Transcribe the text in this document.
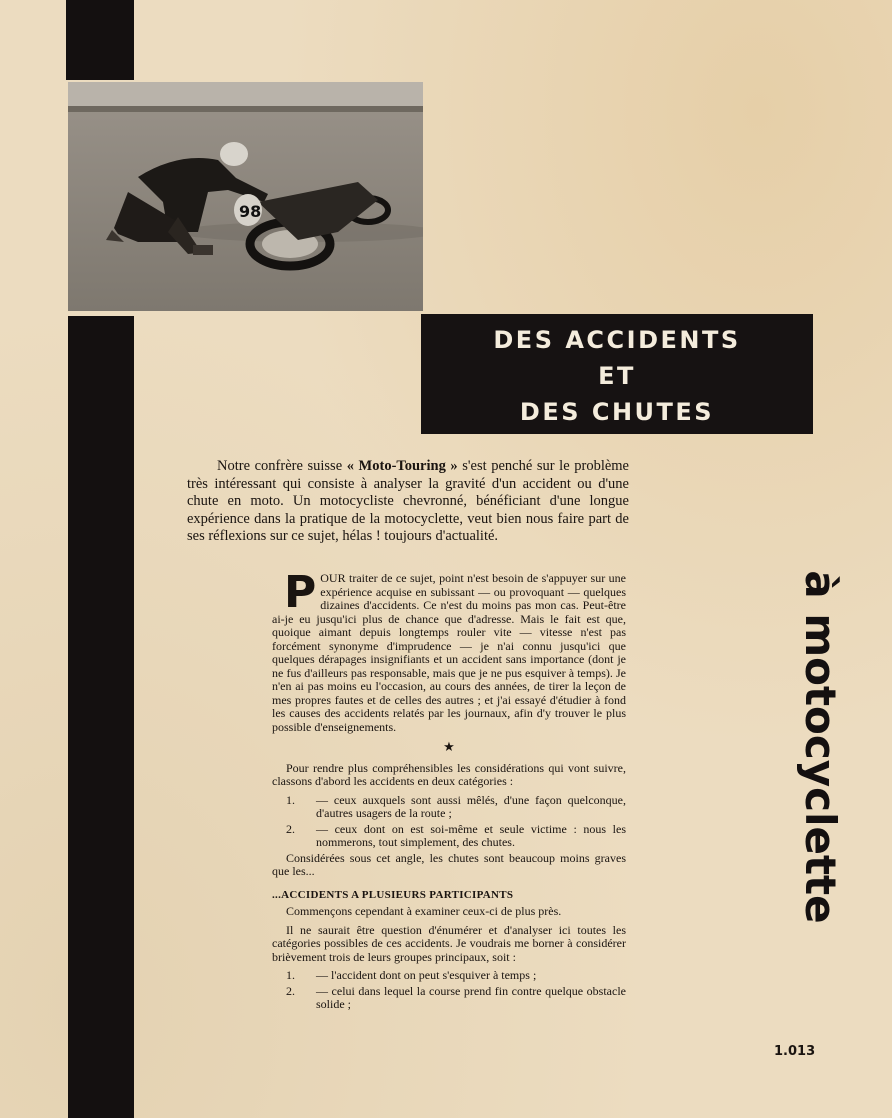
98
DES ACCIDENTS
ET
DES CHUTES
à motocyclette

Notre confrère suisse « Moto-Touring » s'est penché sur le problème très intéressant qui consiste à analyser la gravité d'un accident ou d'une chute en moto. Un motocycliste chevronné, bénéficiant d'une longue expérience dans la pratique de la motocyclette, veut bien nous faire part de ses réflexions sur ce sujet, hélas ! toujours d'actualité.

POUR traiter de ce sujet, point n'est besoin de s'appuyer sur une expérience acquise en subissant — ou provoquant — quelques dizaines d'accidents. Ce n'est du moins pas mon cas. Peut-être ai-je eu jusqu'ici plus de chance que d'adresse. Mais le fait est que, quoique aimant depuis longtemps rouler vite — vitesse n'est pas forcément synonyme d'imprudence — je n'ai connu jusqu'ici que quelques dérapages insignifiants et un accident sans importance (dont je ne fus d'ailleurs pas responsable, mais que je ne pus esquiver à temps). Je n'en ai pas moins eu l'occasion, au cours des années, de tirer la leçon de mes propres fautes et de celles des autres ; et j'ai essayé d'étudier à fond les causes des accidents relatés par les journaux, afin d'y trouver le plus possible d'enseignements.

★

Pour rendre plus compréhensibles les considérations qui vont suivre, classons d'abord les accidents en deux catégories :

1.	— ceux auxquels sont aussi mêlés, d'une façon quelconque, d'autres usagers de la route ;
2.	— ceux dont on est soi-même et seule victime : nous les nommerons, tout simplement, des chutes.

Considérées sous cet angle, les chutes sont beaucoup moins graves que les...

...ACCIDENTS A PLUSIEURS PARTICIPANTS

Commençons cependant à examiner ceux-ci de plus près.

Il ne saurait être question d'énumérer et d'analyser ici toutes les catégories possibles de ces accidents. Je voudrais me borner à considérer brièvement trois de leurs groupes principaux, soit :

1.	— l'accident dont on peut s'esquiver à temps ;
2.	— celui dans lequel la course prend fin contre quelque obstacle solide ;
1.013
